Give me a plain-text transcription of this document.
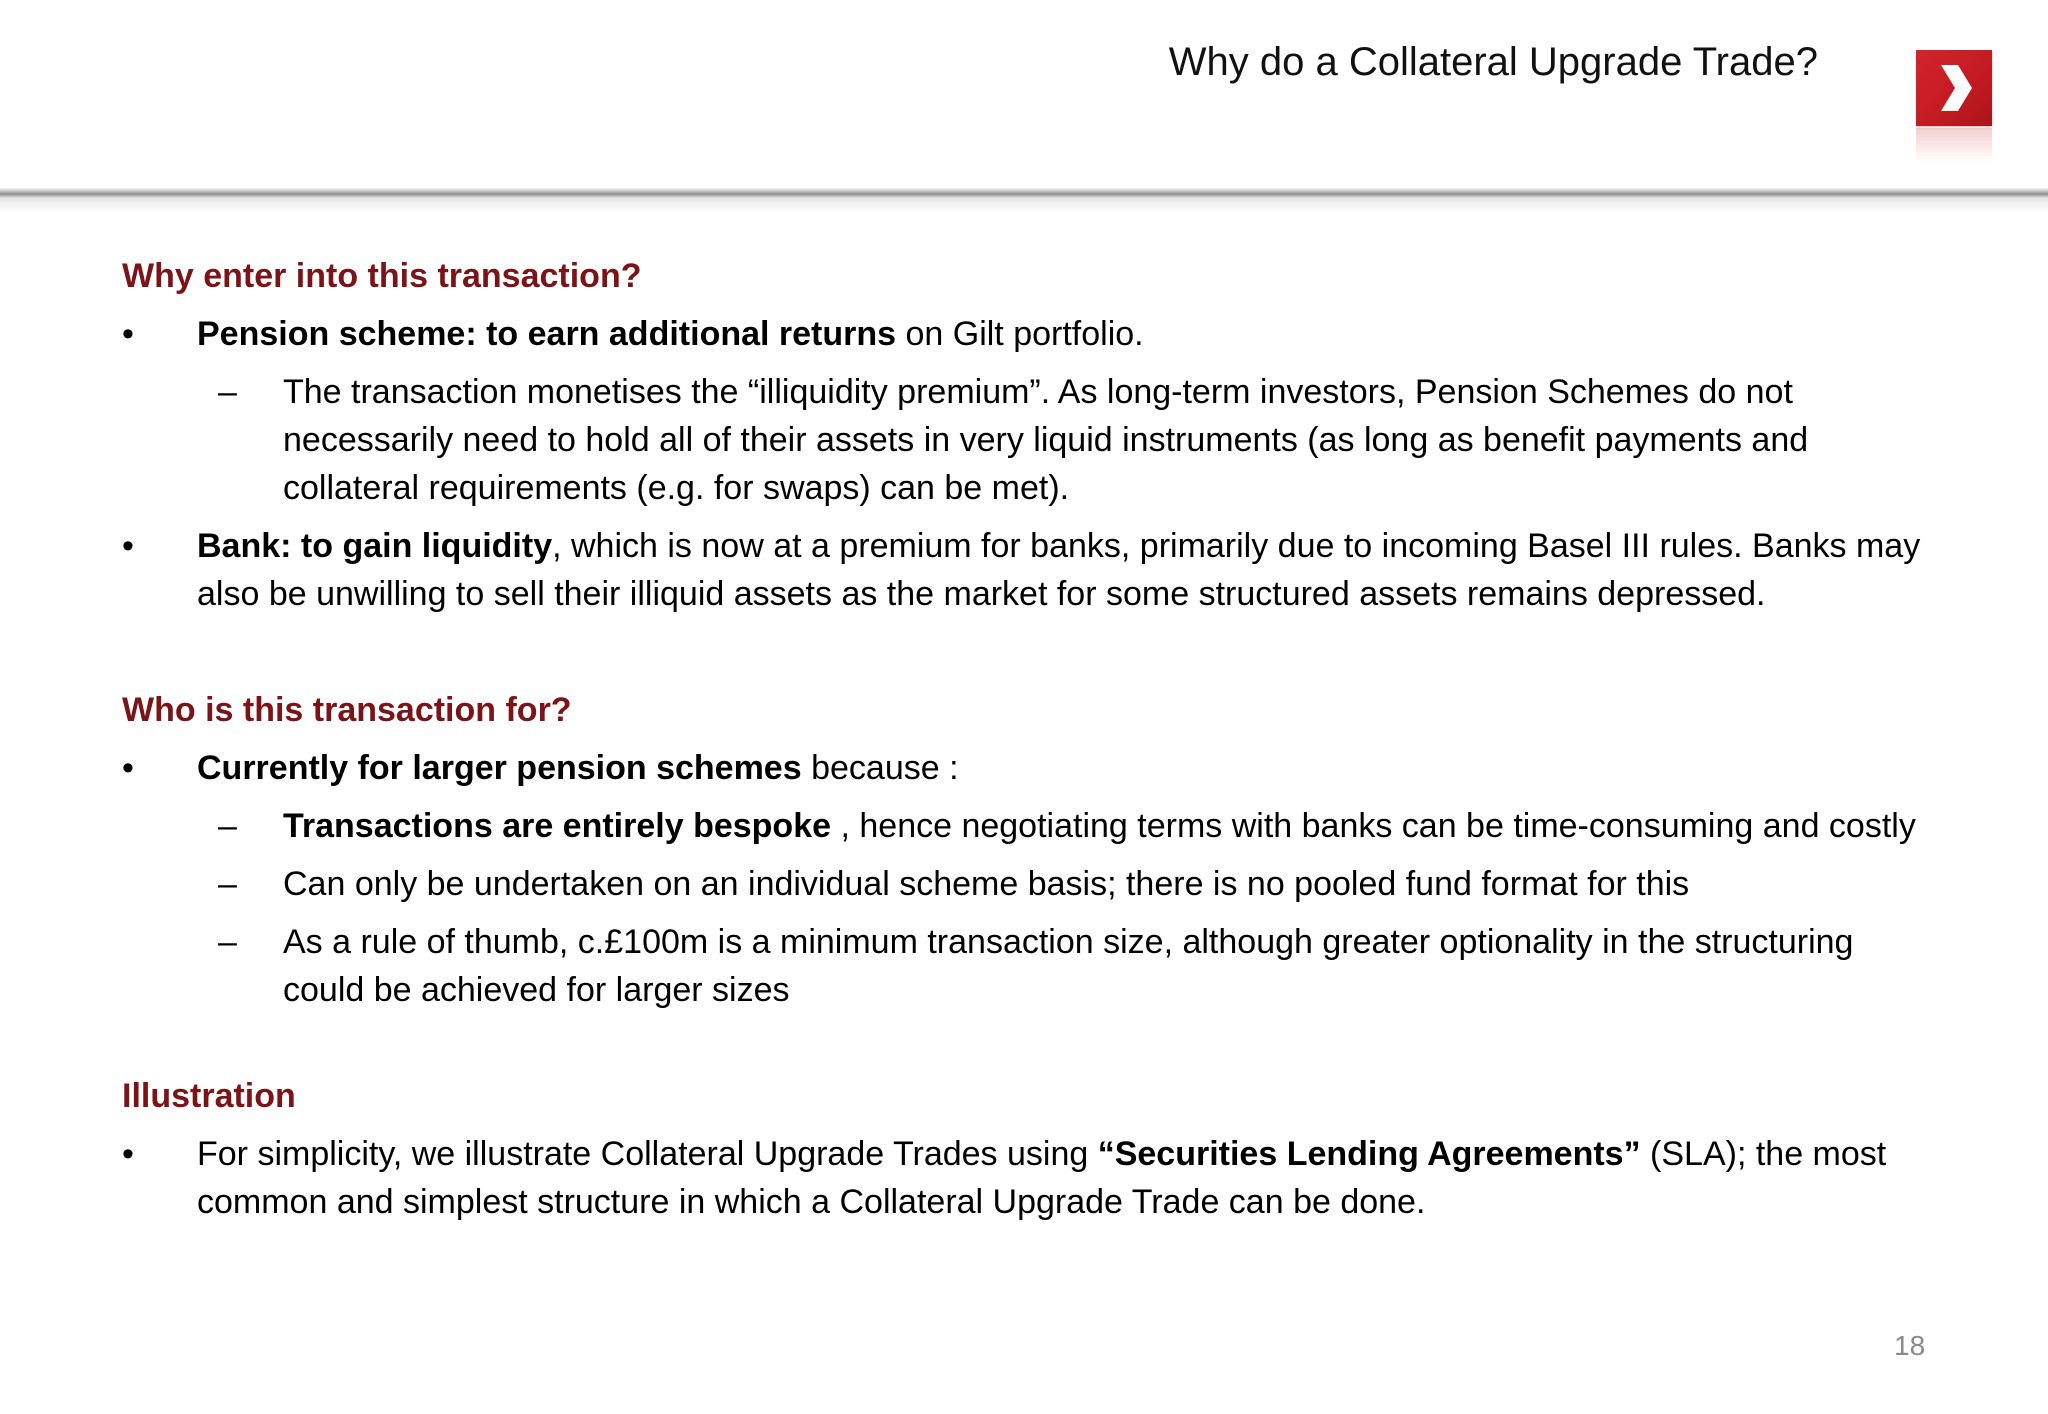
Why do a Collateral Upgrade Trade?
Why enter into this transaction?
• Pension scheme: to earn additional returns on Gilt portfolio.
– The transaction monetises the “illiquidity premium”. As long-term investors, Pension Schemes do not necessarily need to hold all of their assets in very liquid instruments (as long as benefit payments and collateral requirements (e.g. for swaps) can be met).
• Bank: to gain liquidity, which is now at a premium for banks, primarily due to incoming Basel III rules. Banks may also be unwilling to sell their illiquid assets as the market for some structured assets remains depressed.
Who is this transaction for?
• Currently for larger pension schemes because :
– Transactions are entirely bespoke , hence negotiating terms with banks can be time-consuming and costly
– Can only be undertaken on an individual scheme basis; there is no pooled fund format for this
– As a rule of thumb, c.£100m is a minimum transaction size, although greater optionality in the structuring could be achieved for larger sizes
Illustration
• For simplicity, we illustrate Collateral Upgrade Trades using “Securities Lending Agreements” (SLA); the most common and simplest structure in which a Collateral Upgrade Trade can be done.
18
